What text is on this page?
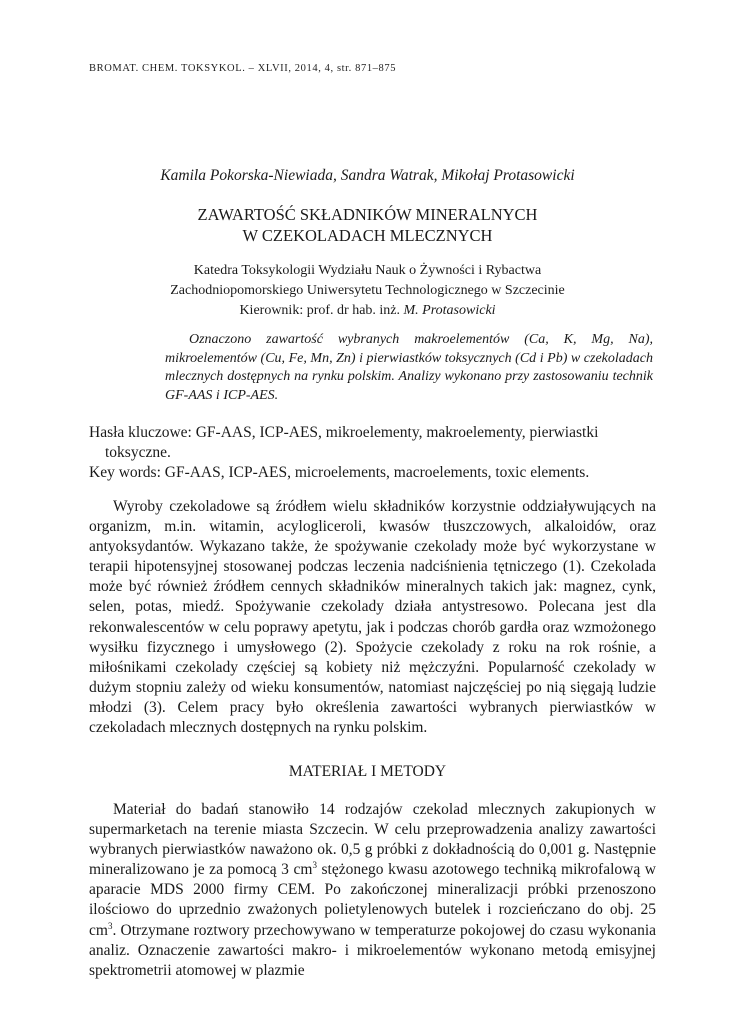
BROMAT. CHEM. TOKSYKOL. – XLVII, 2014, 4, str. 871–875
Kamila Pokorska-Niewiada, Sandra Watrak, Mikołaj Protasowicki
ZAWARTOŚĆ SKŁADNIKÓW MINERALNYCH
W CZEKOLADACH MLECZNYCH
Katedra Toksykologii Wydziału Nauk o Żywności i Rybactwa
Zachodniopomorskiego Uniwersytetu Technologicznego w Szczecinie
Kierownik: prof. dr hab. inż. M. Protasowicki

Oznaczono zawartość wybranych makroelementów (Ca, K, Mg, Na), mikroelementów (Cu, Fe, Mn, Zn) i pierwiastków toksycznych (Cd i Pb) w czekoladach mlecznych dostępnych na rynku polskim. Analizy wykonano przy zastosowaniu technik GF-AAS i ICP-AES.

Hasła kluczowe: GF-AAS, ICP-AES, mikroelementy, makroelementy, pierwiastki toksyczne.

Key words: GF-AAS, ICP-AES, microelements, macroelements, toxic elements.

Wyroby czekoladowe są źródłem wielu składników korzystnie oddziaływujących na organizm, m.in. witamin, acylogliceroli, kwasów tłuszczowych, alkaloidów, oraz antyoksydantów. Wykazano także, że spożywanie czekolady może być wykorzystane w terapii hipotensyjnej stosowanej podczas leczenia nadciśnienia tętniczego (1). Czekolada może być również źródłem cennych składników mineralnych takich jak: magnez, cynk, selen, potas, miedź. Spożywanie czekolady działa antystresowo. Polecana jest dla rekonwalescentów w celu poprawy apetytu, jak i podczas chorób gardła oraz wzmożonego wysiłku fizycznego i umysłowego (2). Spożycie czekolady z roku na rok rośnie, a miłośnikami czekolady częściej są kobiety niż mężczyźni. Popularność czekolady w dużym stopniu zależy od wieku konsumentów, natomiast najczęściej po nią sięgają ludzie młodzi (3). Celem pracy było określenia zawartości wybranych pierwiastków w czekoladach mlecznych dostępnych na rynku polskim.

MATERIAŁ I METODY

Materiał do badań stanowiło 14 rodzajów czekolad mlecznych zakupionych w supermarketach na terenie miasta Szczecin. W celu przeprowadzenia analizy zawartości wybranych pierwiastków naważono ok. 0,5 g próbki z dokładnością do 0,001 g. Następnie mineralizowano je za pomocą 3 $cm^3$ stężonego kwasu azotowego techniką mikrofalową w aparacie MDS 2000 firmy CEM. Po zakończonej mineralizacji próbki przenoszono ilościowo do uprzednio zważonych polietylenowych butelek i rozcieńczano do obj. 25 $cm^3$. Otrzymane roztwory przechowywano w temperaturze pokojowej do czasu wykonania analiz. Oznaczenie zawartości makro- i mikroelementów wykonano metodą emisyjnej spektrometrii atomowej w plazmie
